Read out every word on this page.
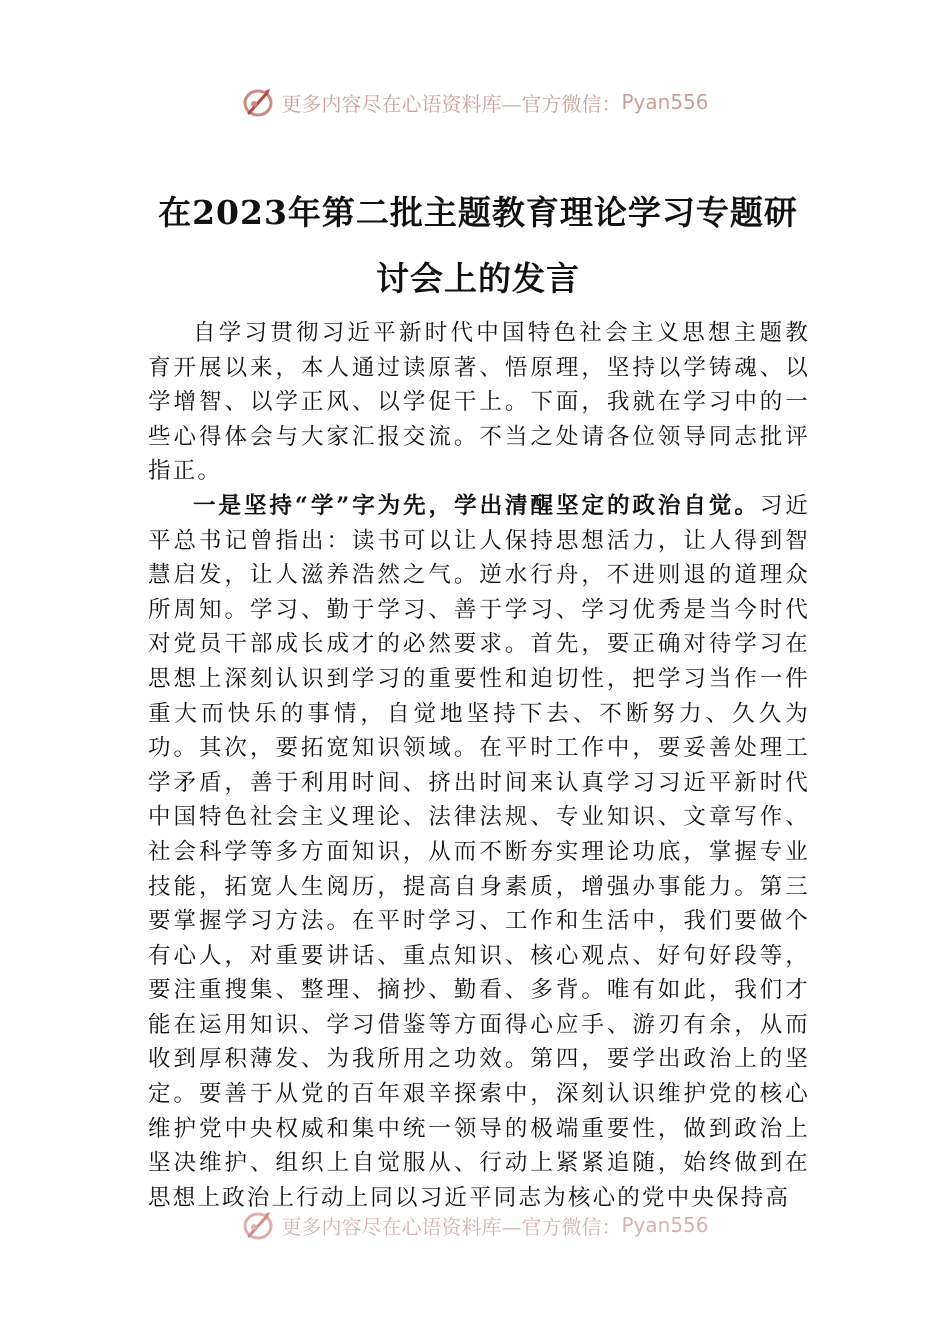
更多内容尽在心语资料库—官方微信： Pyan556
在2023年第二批主题教育理论学习专题研
讨会上的发言

自学习贯彻习近平新时代中国特色社会主义思想主题教育开展以来，本人通过读原著、悟原理，坚持以学铸魂、以学增智、以学正风、以学促干上。下面，我就在学习中的一些心得体会与大家汇报交流。不当之处请各位领导同志批评指正。

一是坚持“学”字为先，学出清醒坚定的政治自觉。习近平总书记曾指出：读书可以让人保持思想活力，让人得到智慧启发，让人滋养浩然之气。逆水行舟，不进则退的道理众所周知。学习、勤于学习、善于学习、学习优秀是当今时代对党员干部成长成才的必然要求。首先，要正确对待学习在思想上深刻认识到学习的重要性和迫切性，把学习当作一件重大而快乐的事情，自觉地坚持下去、不断努力、久久为功。其次，要拓宽知识领域。在平时工作中，要妥善处理工学矛盾，善于利用时间、挤出时间来认真学习习近平新时代中国特色社会主义理论、法律法规、专业知识、文章写作、社会科学等多方面知识，从而不断夯实理论功底，掌握专业技能，拓宽人生阅历，提高自身素质，增强办事能力。第三要掌握学习方法。在平时学习、工作和生活中，我们要做个有心人，对重要讲话、重点知识、核心观点、好句好段等，要注重搜集、整理、摘抄、勤看、多背。唯有如此，我们才能在运用知识、学习借鉴等方面得心应手、游刃有余，从而收到厚积薄发、为我所用之功效。第四，要学出政治上的坚定。要善于从党的百年艰辛探索中，深刻认识维护党的核心维护党中央权威和集中统一领导的极端重要性，做到政治上坚决维护、组织上自觉服从、行动上紧紧追随，始终做到在思想上政治上行动上同以习近平同志为核心的党中央保持高

更多内容尽在心语资料库—官方微信： Pyan556
